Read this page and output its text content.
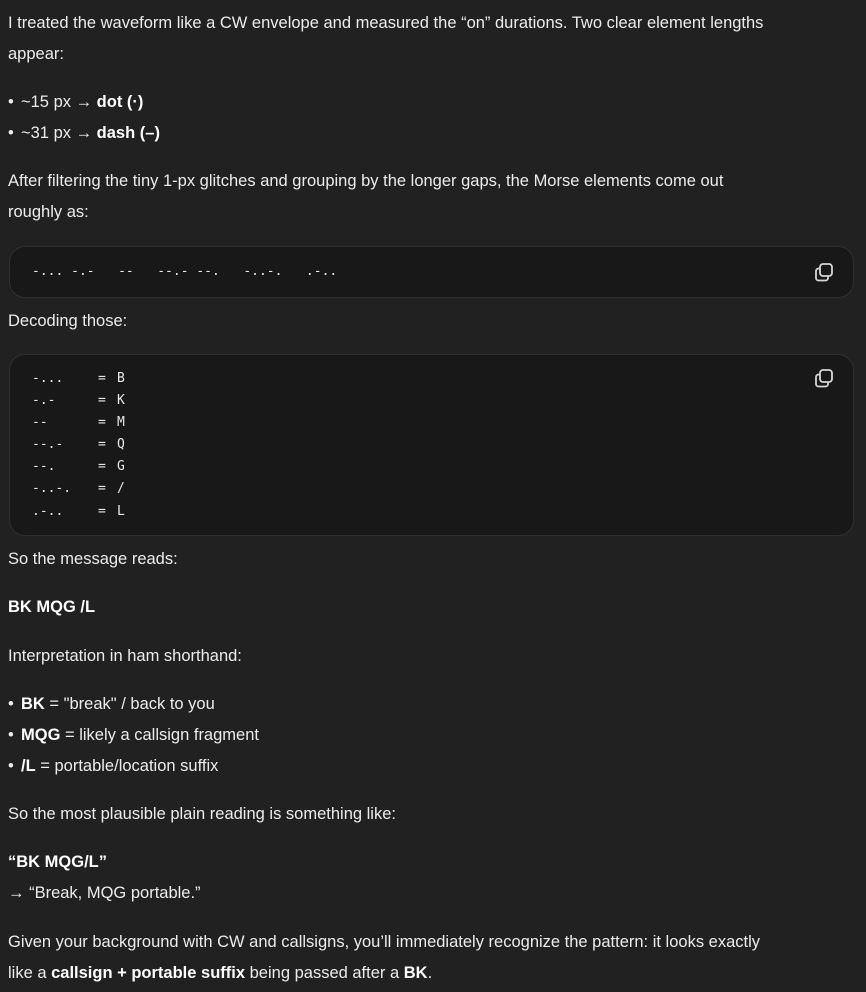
I treated the waveform like a CW envelope and measured the “on” durations. Two clear element lengths
appear:

• ~15 px → dot (·)
• ~31 px → dash (–)

After filtering the tiny 1-px glitches and grouping by the longer gaps, the Morse elements come out
roughly as:

-... -.-   --   --.- --.   -..-.   .-..

Decoding those:

-...	= B
-.-	= K
--	= M
--.-	= Q
--.	= G
-..-.	= /
.-..	= L

So the message reads:

BK MQG /L

Interpretation in ham shorthand:

• BK = "break" / back to you
• MQG = likely a callsign fragment
• /L = portable/location suffix

So the most plausible plain reading is something like:

“BK MQG/L”
→ “Break, MQG portable.”

Given your background with CW and callsigns, you’ll immediately recognize the pattern: it looks exactly
like a callsign + portable suffix being passed after a BK.
